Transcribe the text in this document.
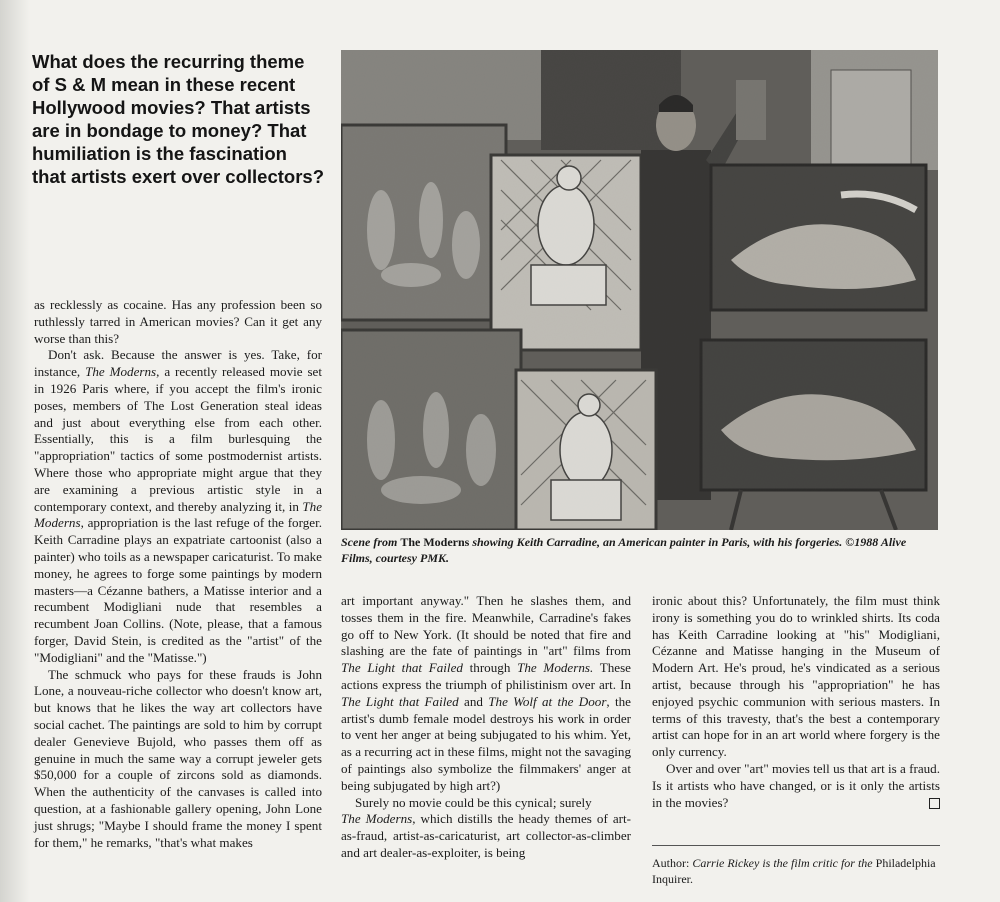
What does the recurring theme of S & M mean in these recent Hollywood movies? That artists are in bondage to money? That humiliation is the fascination that artists exert over collectors?

Scene from The Moderns showing Keith Carradine, an American painter in Paris, with his forgeries. ©1988 Alive Films, courtesy PMK.

as recklessly as cocaine. Has any profession been so ruthlessly tarred in American movies? Can it get any worse than this?

Don't ask. Because the answer is yes. Take, for instance, The Moderns, a recently released movie set in 1926 Paris where, if you accept the film's ironic poses, members of The Lost Generation steal ideas and just about everything else from each other. Essentially, this is a film burlesquing the "appropriation" tactics of some postmodernist artists. Where those who appropriate might argue that they are examining a previous artistic style in a contemporary context, and thereby analyzing it, in The Moderns, appropriation is the last refuge of the forger. Keith Carradine plays an expatriate cartoonist (also a painter) who toils as a newspaper caricaturist. To make money, he agrees to forge some paintings by modern masters—a Cézanne bathers, a Matisse interior and a recumbent Modigliani nude that resembles a recumbent Joan Collins. (Note, please, that a famous forger, David Stein, is credited as the "artist" of the "Modigliani" and the "Matisse.")

The schmuck who pays for these frauds is John Lone, a nouveau-riche collector who doesn't know art, but knows that he likes the way art collectors have social cachet. The paintings are sold to him by corrupt dealer Genevieve Bujold, who passes them off as genuine in much the same way a corrupt jeweler gets $50,000 for a couple of zircons sold as diamonds. When the authenticity of the canvases is called into question, at a fashionable gallery opening, John Lone just shrugs; "Maybe I should frame the money I spent for them," he remarks, "that's what makes

art important anyway." Then he slashes them, and tosses them in the fire. Meanwhile, Carradine's fakes go off to New York. (It should be noted that fire and slashing are the fate of paintings in "art" films from The Light that Failed through The Moderns. These actions express the triumph of philistinism over art. In The Light that Failed and The Wolf at the Door, the artist's dumb female model destroys his work in order to vent her anger at being subjugated to his whim. Yet, as a recurring act in these films, might not the savaging of paintings also symbolize the filmmakers' anger at being subjugated by high art?)

Surely no movie could be this cynical; surely
The Moderns, which distills the heady themes of art-as-fraud, artist-as-caricaturist, art collector-as-climber and art dealer-as-exploiter, is being

ironic about this? Unfortunately, the film must think irony is something you do to wrinkled shirts. Its coda has Keith Carradine looking at "his" Modigliani, Cézanne and Matisse hanging in the Museum of Modern Art. He's proud, he's vindicated as a serious artist, because through his "appropriation" he has enjoyed psychic communion with serious masters. In terms of this travesty, that's the best a contemporary artist can hope for in an art world where forgery is the only currency.

Over and over "art" movies tell us that art is a fraud. Is it artists who have changed, or is it only the artists in the movies?

Author: Carrie Rickey is the film critic for the Philadelphia Inquirer.
